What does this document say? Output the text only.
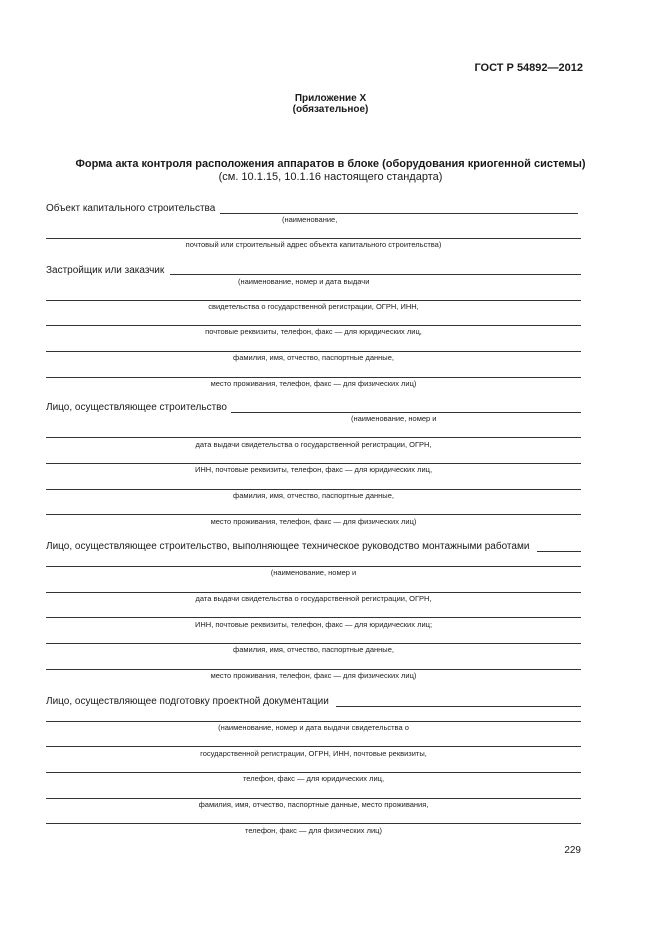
ГОСТ Р 54892—2012
Приложение X
(обязательное)
Форма акта контроля расположения аппаратов в блоке (оборудования криогенной системы)
(см. 10.1.15, 10.1.16 настоящего стандарта)
Объект капитального строительства
(наименование,
почтовый или строительный адрес объекта капитального строительства)
Застройщик или заказчик
(наименование, номер и дата выдачи
свидетельства о государственной регистрации, ОГРН, ИНН,
почтовые реквизиты, телефон, факс — для юридических лиц,
фамилия, имя, отчество, паспортные данные,
место проживания, телефон, факс — для физических лиц)
Лицо, осуществляющее строительство
(наименование, номер и
дата выдачи свидетельства о государственной регистрации, ОГРН,
ИНН, почтовые реквизиты, телефон, факс — для юридических лиц,
фамилия, имя, отчество, паспортные данные,
место проживания, телефон, факс — для физических лиц)
Лицо, осуществляющее строительство, выполняющее техническое руководство монтажными работами
(наименование, номер и
дата выдачи свидетельства о государственной регистрации, ОГРН,
ИНН, почтовые реквизиты, телефон, факс — для юридических лиц;
фамилия, имя, отчество, паспортные данные,
место проживания, телефон, факс — для физических лиц)
Лицо, осуществляющее подготовку проектной документации
(наименование, номер и дата выдачи свидетельства о
государственной регистрации, ОГРН, ИНН, почтовые реквизиты,
телефон, факс — для юридических лиц,
фамилия, имя, отчество, паспортные данные, место проживания,
телефон, факс — для физических лиц)
229
